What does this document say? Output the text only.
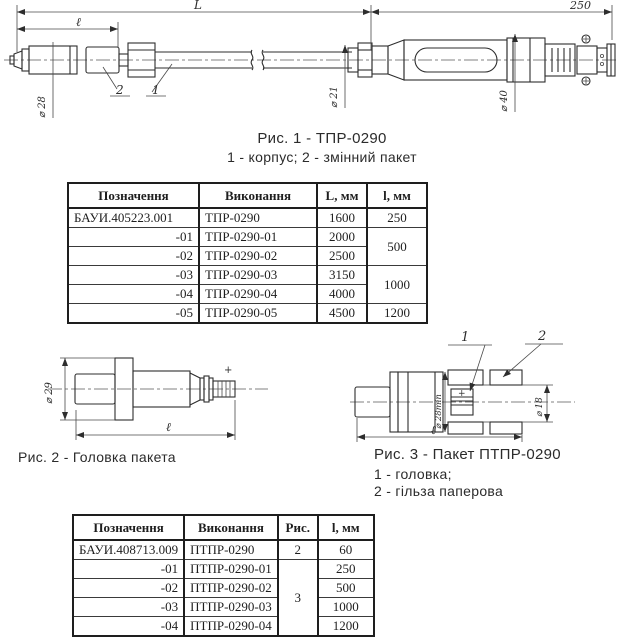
L	250
ℓ
⌀ 28	⌀ 21	⌀ 40
2 1
Рис. 1 - ТПР-0290
1 - корпус; 2 - змінний пакет
Позначення	Виконання	L, мм	l, мм
БАУИ.405223.001	ТПР-0290	1600	250
-01	ТПР-0290-01	2000	500
-02	ТПР-0290-02	2500	
-03	ТПР-0290-03	3150	1000
-04	ТПР-0290-04	4000	
-05	ТПР-0290-05	4500	1200
+
⌀ 29
ℓ
Рис. 2 - Головка пакета
+
1	2
⌀ 28min	⌀ 18
ℓ
Рис. 3 - Пакет ПТПР-0290
1 - головка;
2 - гільза паперова
Позначення	Виконання	Рис.	l, мм
БАУИ.408713.009	ПТПР-0290	2	60
-01	ПТПР-0290-01	3	250
-02	ПТПР-0290-02		500
-03	ПТПР-0290-03		1000
-04	ПТПР-0290-04		1200
